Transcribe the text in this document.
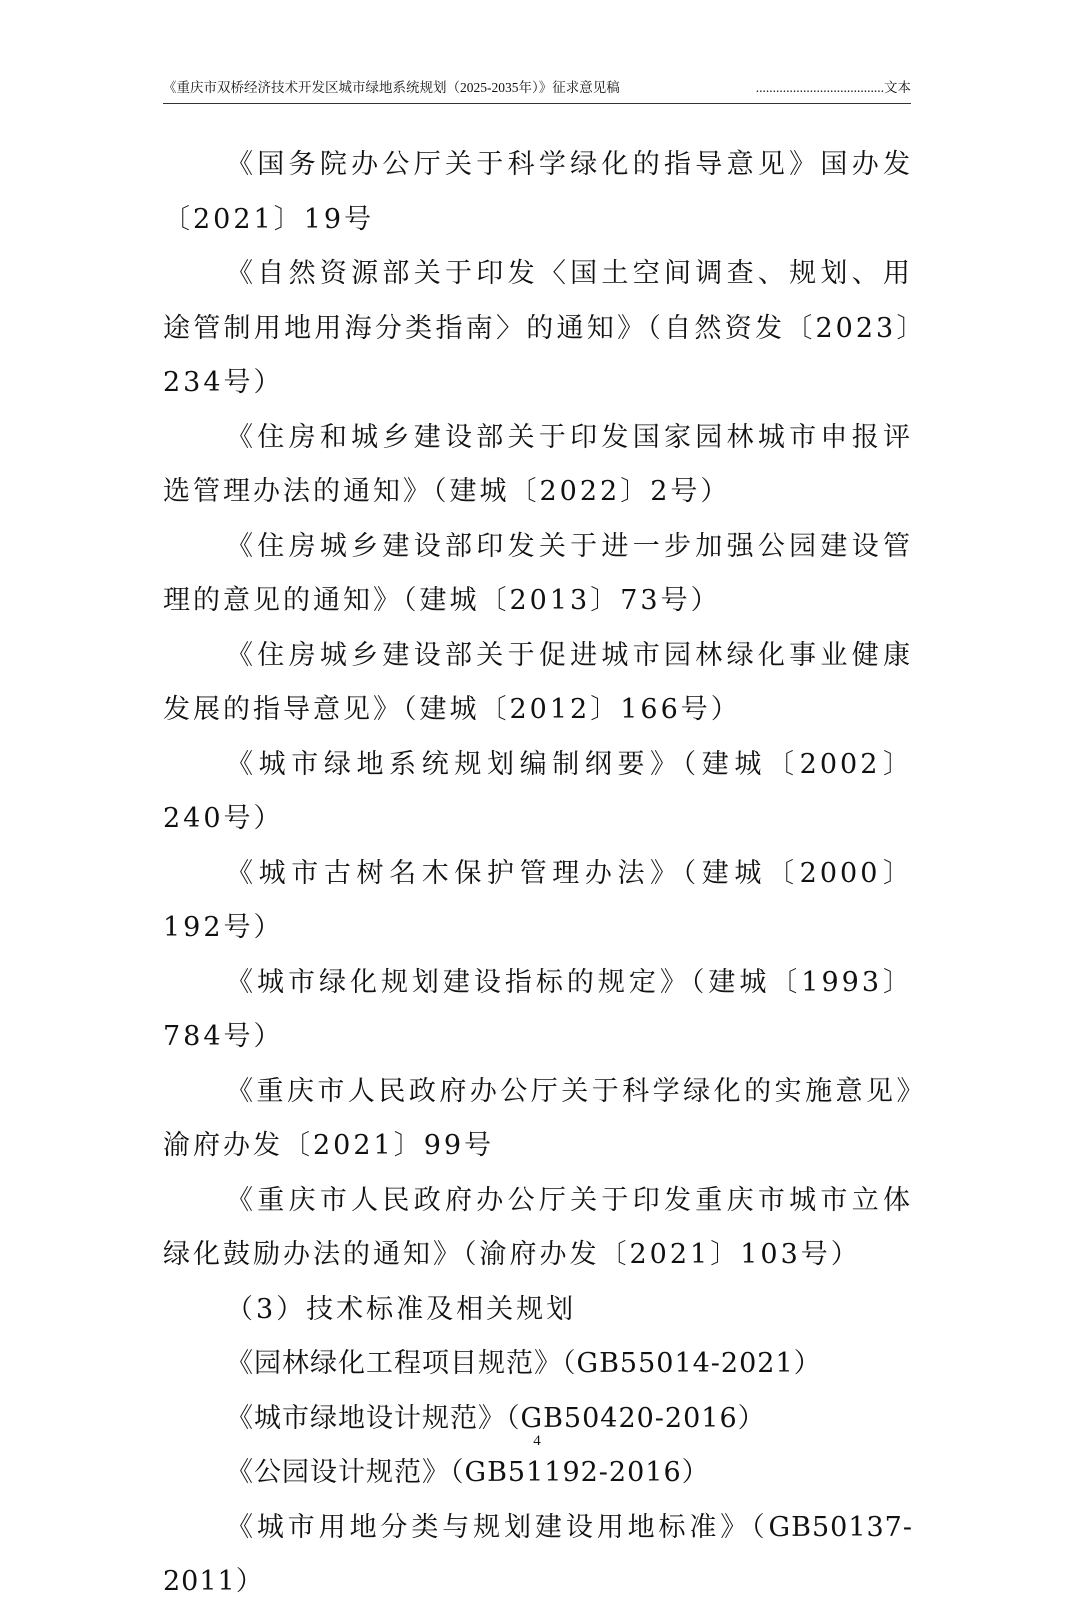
《重庆市双桥经济技术开发区城市绿地系统规划（2025-2035年）》征求意见稿	......................................文本

《国务院办公厅关于科学绿化的指导意见》国办发〔2021〕19号

《自然资源部关于印发〈国土空间调查、规划、用途管制用地用海分类指南〉的通知》（自然资发〔2023〕234号）

《住房和城乡建设部关于印发国家园林城市申报评选管理办法的通知》（建城〔2022〕2号）

《住房城乡建设部印发关于进一步加强公园建设管理的意见的通知》（建城〔2013〕73号）

《住房城乡建设部关于促进城市园林绿化事业健康发展的指导意见》（建城〔2012〕166号）

《城市绿地系统规划编制纲要》（建城〔2002〕240号）

《城市古树名木保护管理办法》（建城〔2000〕192号）

《城市绿化规划建设指标的规定》（建城〔1993〕784号）

《重庆市人民政府办公厅关于科学绿化的实施意见》渝府办发〔2021〕99号

《重庆市人民政府办公厅关于印发重庆市城市立体绿化鼓励办法的通知》（渝府办发〔2021〕103号）

（3）技术标准及相关规划

《园林绿化工程项目规范》（GB55014-2021）

《城市绿地设计规范》（GB50420-2016）

《公园设计规范》（GB51192-2016）

《城市用地分类与规划建设用地标准》（GB50137-2011）

4
